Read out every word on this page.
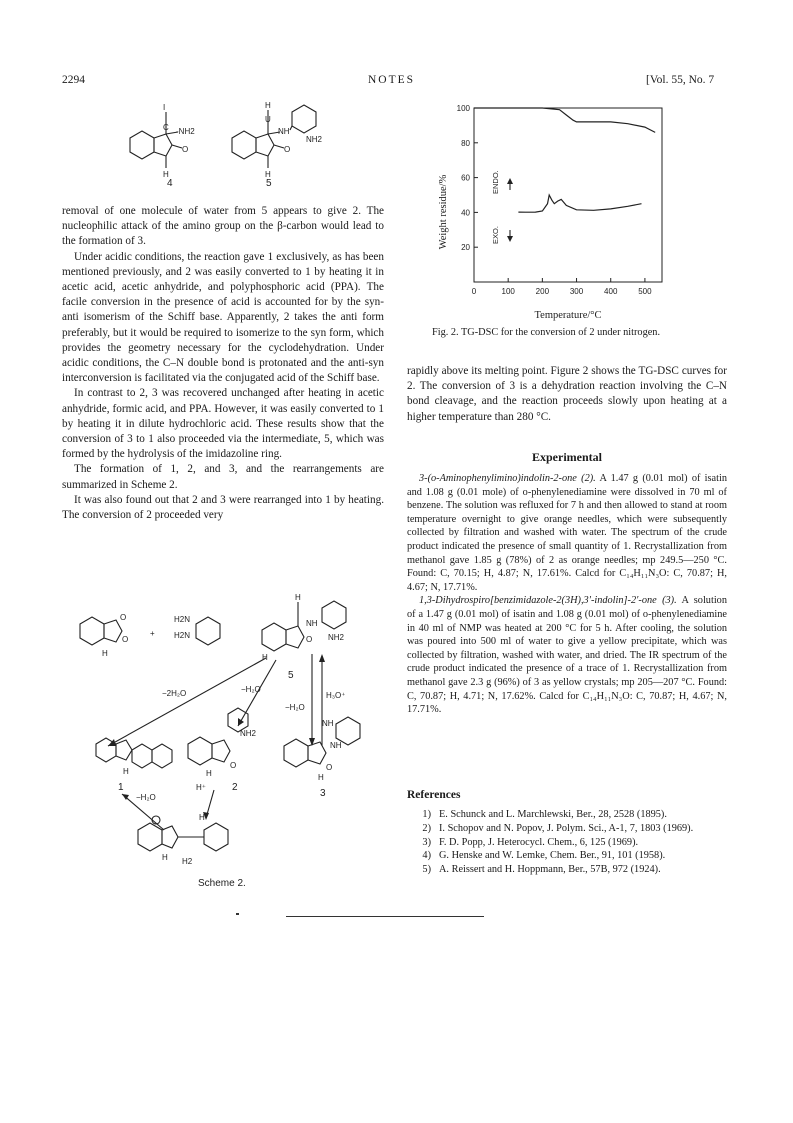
2294	NOTES	[Vol. 55, No. 7
I
C -NH2
O
H
4
H
U
NH
O
NH2
H
5

removal of one molecule of water from 5 appears to give 2. The nucleophilic attack of the amino group on the β-carbon would lead to the formation of 3.

Under acidic conditions, the reaction gave 1 exclusively, as has been mentioned previously, and 2 was easily converted to 1 by heating it in acetic acid, acetic anhydride, and polyphosphoric acid (PPA). The facile conversion in the presence of acid is accounted for by the syn-anti isomerism of the Schiff base. Apparently, 2 takes the anti form preferably, but it would be required to isomerize to the syn form, which provides the geometry necessary for the cyclodehydration. Under acidic conditions, the C–N double bond is protonated and the anti-syn interconversion is facilitated via the conjugated acid of the Schiff base.

In contrast to 2, 3 was recovered unchanged after heating in acetic anhydride, formic acid, and PPA. However, it was easily converted to 1 by heating it in dilute hydrochloric acid. These results show that the conversion of 3 to 1 also proceeded via the intermediate, 5, which was formed by the hydrolysis of the imidazoline ring.

The formation of 1, 2, and 3, and the rearrangements are summarized in Scheme 2.

It was also found out that 2 and 3 were rearranged into 1 by heating. The conversion of 2 proceeded very

O
O
H
+
H2N
H2N
H
NH
O NH2
H
5
−2H₂O	−H₂O
−H₂O
H₃O⁺
H
1
NH2
O
H
2
NH
NH
O
H
3
−H₂O
H⁺
H
H2
H
Scheme 2.
20
40
60
80
100
0	100	200	300	400	500
Weight residue/%
Temperature/°C
ENDO.
EXO.
Fig. 2. TG-DSC for the conversion of 2 under nitrogen.

rapidly above its melting point. Figure 2 shows the TG-DSC curves for 2. The conversion of 3 is a dehydration reaction involving the C–N bond cleavage, and the reaction proceeds slowly upon heating at a higher temperature than 280 °C.

Experimental

3-(o-Aminophenylimino)indolin-2-one (2). A 1.47 g (0.01 mol) of isatin and 1.08 g (0.01 mole) of o-phenylenediamine were dissolved in 70 ml of benzene. The solution was refluxed for 7 h and then allowed to stand at room temperature overnight to give orange needles, which were subsequently collected by filtration and washed with water. The spectrum of the crude product indicated the presence of small quantity of 1. Recrystallization from methanol gave 1.85 g (78%) of 2 as orange needles; mp 249.5—250 °C. Found: C, 70.15; H, 4.87; N, 17.61%. Calcd for C₁₄H₁₁N₃O: C, 70.87; H, 4.67; N, 17.71%.

1,3-Dihydrospiro[benzimidazole-2(3H),3′-indolin]-2′-one (3). A solution of a 1.47 g (0.01 mol) of isatin and 1.08 g (0.01 mol) of o-phenylenediamine in 40 ml of NMP was heated at 200 °C for 5 h. After cooling, the solution was poured into 500 ml of water to give a yellow precipitate, which was collected by filtration, washed with water, and dried. The IR spectrum of the crude product indicated the presence of a trace of 1. Recrystallization from methanol gave 2.3 g (96%) of 3 as yellow crystals; mp 205—207 °C. Found: C, 70.87; H, 4.71; N, 17.62%. Calcd for C₁₄H₁₁N₃O: C, 70.87; H, 4.67; N, 17.71%.

References
1) E. Schunck and L. Marchlewski, Ber., 28, 2528 (1895).
2) I. Schopov and N. Popov, J. Polym. Sci., A-1, 7, 1803 (1969).
3) F. D. Popp, J. Heterocycl. Chem., 6, 125 (1969).
4) G. Henske and W. Lemke, Chem. Ber., 91, 101 (1958).
5) A. Reissert and H. Hoppmann, Ber., 57B, 972 (1924).
